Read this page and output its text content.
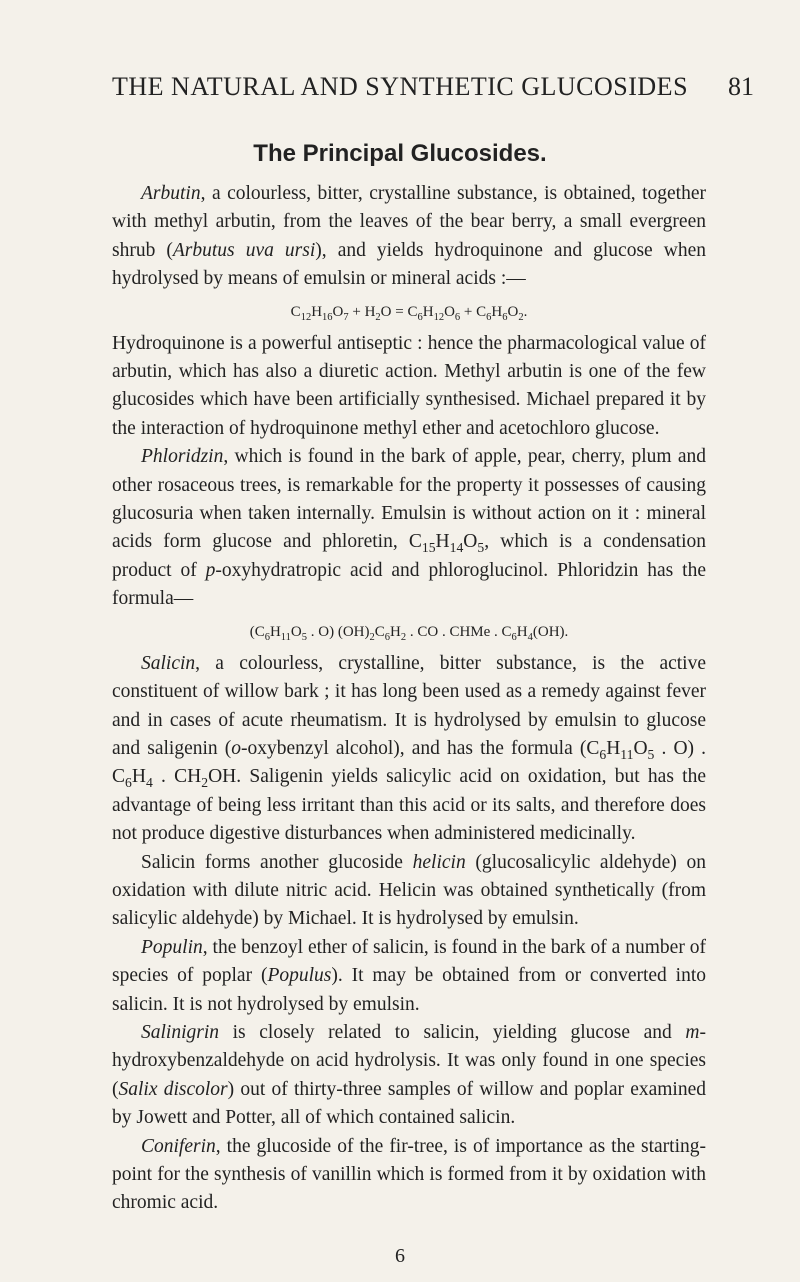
THE NATURAL AND SYNTHETIC GLUCOSIDES 81
The Principal Glucosides.

Arbutin, a colourless, bitter, crystalline substance, is obtained, together with methyl arbutin, from the leaves of the bear berry, a small evergreen shrub (Arbutus uva ursi), and yields hydroquinone and glucose when hydrolysed by means of emulsin or mineral acids :—

$C_{12}H_{16}O_7 + H_2O = C_6H_{12}O_6 + C_6H_6O_2$.

Hydroquinone is a powerful antiseptic : hence the pharmacological value of arbutin, which has also a diuretic action. Methyl arbutin is one of the few glucosides which have been artificially synthesised. Michael prepared it by the interaction of hydroquinone methyl ether and acetochloro glucose.

Phloridzin, which is found in the bark of apple, pear, cherry, plum and other rosaceous trees, is remarkable for the property it possesses of causing glucosuria when taken internally. Emulsin is without action on it : mineral acids form glucose and phloretin, $C_{15}H_{14}O_5$, which is a condensation product of p-oxyhydratropic acid and phloroglucinol. Phloridzin has the formula—

($C_6H_{11}O_5$ . O) $(OH)_2C_6H_2$ . CO . CHMe . $C_6H_4(OH)$.

Salicin, a colourless, crystalline, bitter substance, is the active constituent of willow bark ; it has long been used as a remedy against fever and in cases of acute rheumatism. It is hydrolysed by emulsin to glucose and saligenin (o-oxybenzyl alcohol), and has the formula ($C_6H_{11}O_5$ . O) . $C_6H_4$ . $CH_2OH$. Saligenin yields salicylic acid on oxidation, but has the advantage of being less irritant than this acid or its salts, and therefore does not produce digestive disturbances when administered medicinally.

Salicin forms another glucoside helicin (glucosalicylic aldehyde) on oxidation with dilute nitric acid. Helicin was obtained synthetically (from salicylic aldehyde) by Michael. It is hydrolysed by emulsin.

Populin, the benzoyl ether of salicin, is found in the bark of a number of species of poplar (Populus). It may be obtained from or converted into salicin. It is not hydrolysed by emulsin.

Salinigrin is closely related to salicin, yielding glucose and m-hydroxybenzaldehyde on acid hydrolysis. It was only found in one species (Salix discolor) out of thirty-three samples of willow and poplar examined by Jowett and Potter, all of which contained salicin.

Coniferin, the glucoside of the fir-tree, is of importance as the starting-point for the synthesis of vanillin which is formed from it by oxidation with chromic acid.

6
